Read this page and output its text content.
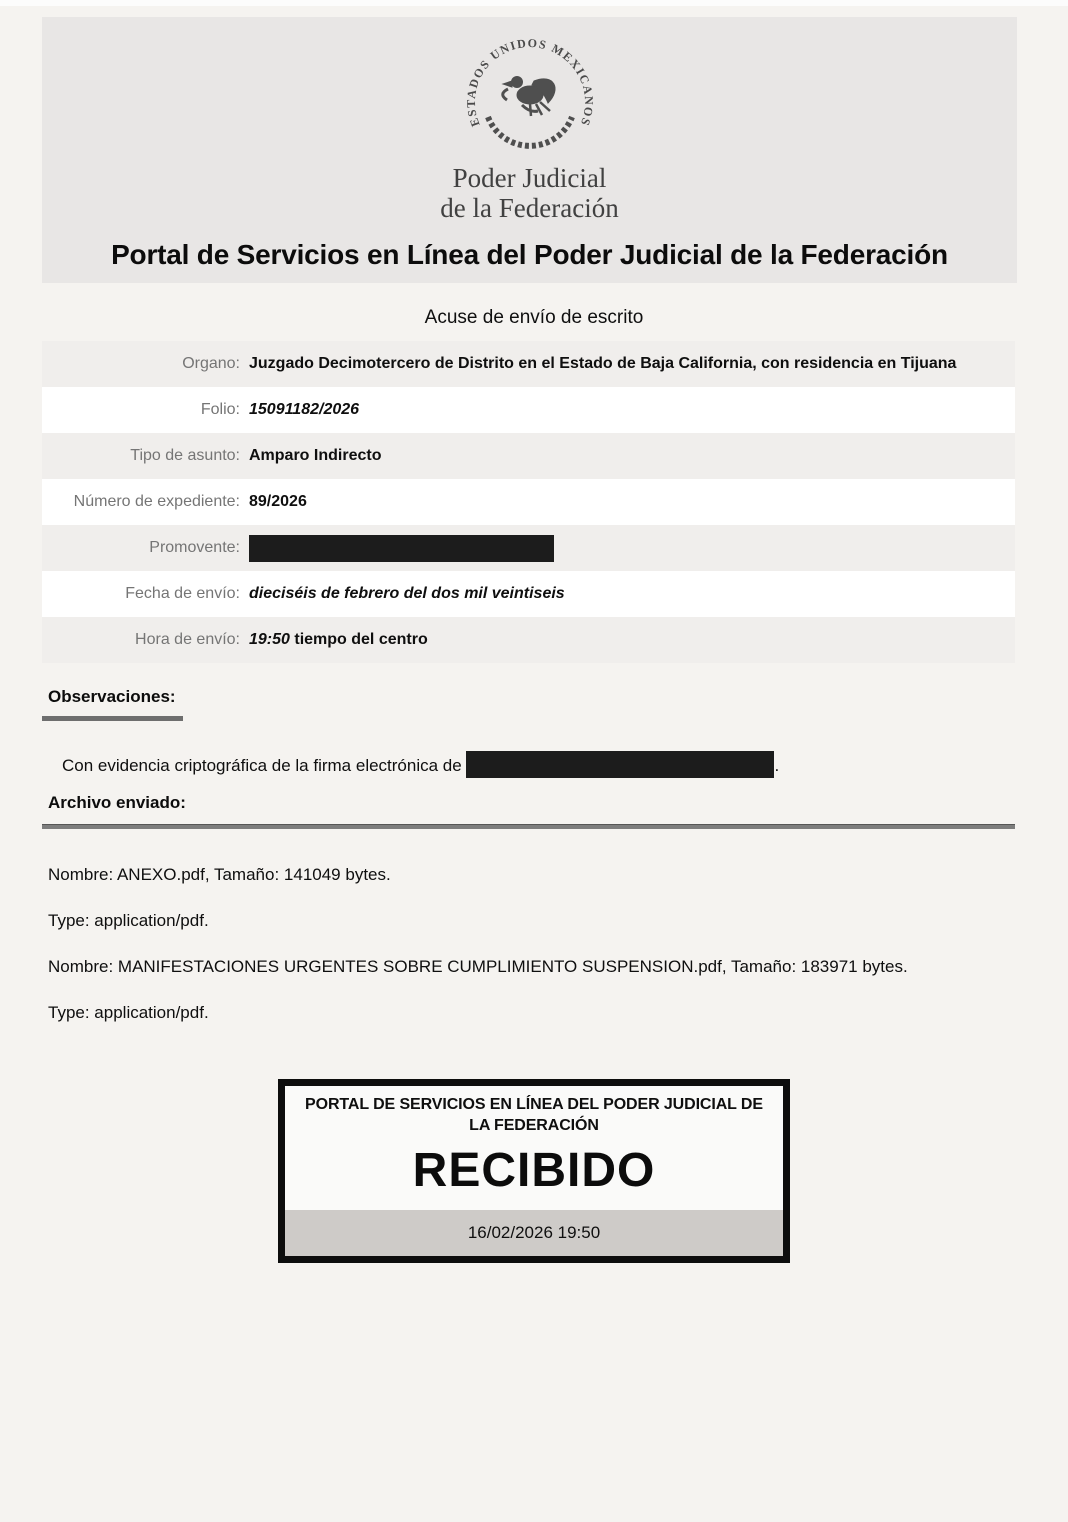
ESTADOS UNIDOS MEXICANOS
Poder Judicial
de la Federación
Portal de Servicios en Línea del Poder Judicial de la Federación
Acuse de envío de escrito
Organo: Juzgado Decimotercero de Distrito en el Estado de Baja California, con residencia en Tijuana
Folio: 15091182/2026
Tipo de asunto: Amparo Indirecto
Número de expediente: 89/2026
Promovente:
Fecha de envío: dieciséis de febrero del dos mil veintiseis
Hora de envío: 19:50 tiempo del centro
Observaciones:
Con evidencia criptográfica de la firma electrónica de	.
Archivo enviado:
Nombre: ANEXO.pdf, Tamaño: 141049 bytes.
Type: application/pdf.
Nombre: MANIFESTACIONES URGENTES SOBRE CUMPLIMIENTO SUSPENSION.pdf, Tamaño: 183971 bytes.
Type: application/pdf.
PORTAL DE SERVICIOS EN LÍNEA DEL PODER JUDICIAL DE LA FEDERACIÓN
RECIBIDO
16/02/2026 19:50
